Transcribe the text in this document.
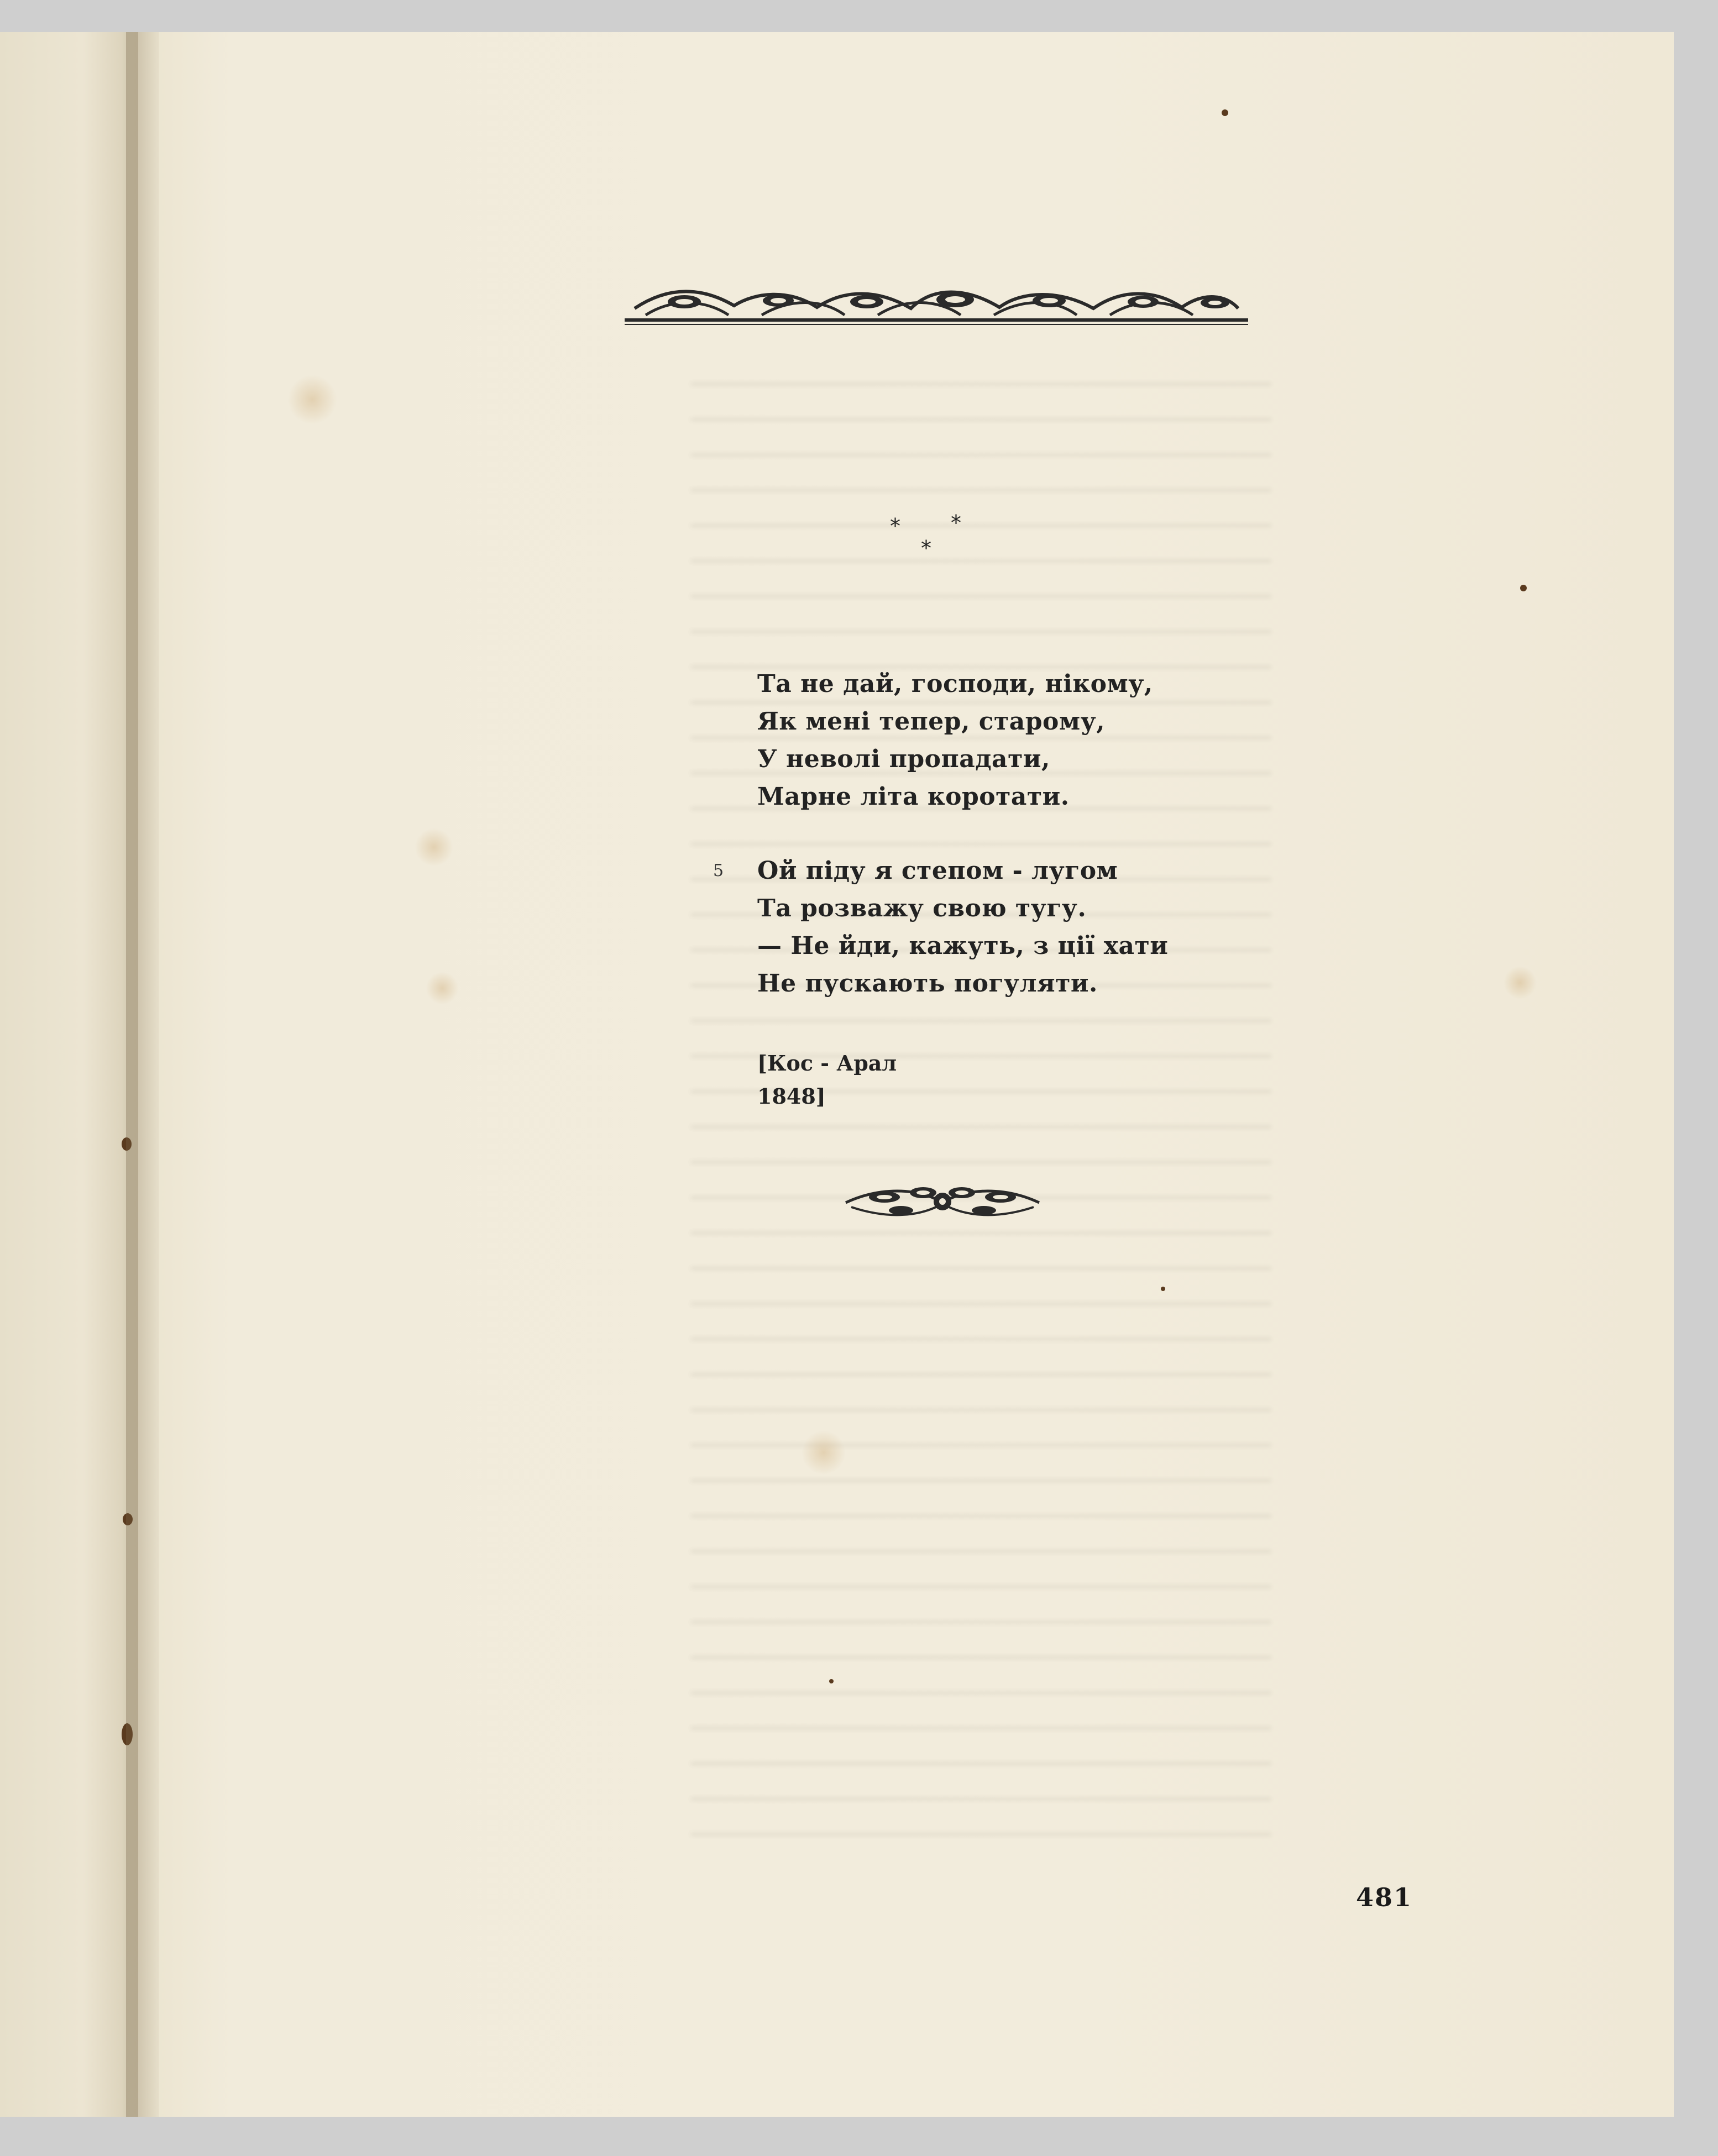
* *
*
Та не дай, господи, нікому,
Як мені тепер, старому,
У неволі пропадати,
Марне літа коротати.
5 Ой піду я степом - лугом
Та розважу свою тугу.
— Не йди, кажуть, з ції хати
Не пускають погуляти.
[Кос - Арал
1848]
481
